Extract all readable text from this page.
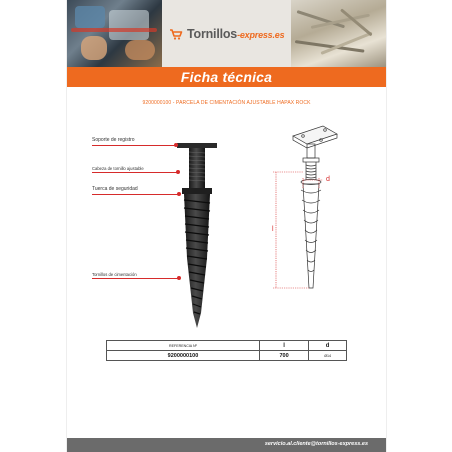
Tornillos-express.es
Ficha técnica
9200000100 - PARCELA DE CIMENTACIÓN AJUSTABLE HAPAX ROCK
Soporte de registro
Cabeza de tornillo ajustable
Tuerca de seguridad
Tornillos de cimentación
l
d
REFERENCIA Nº	l	d
9200000100	700	Ø14
servicio.al.cliente@tornillos-express.es
